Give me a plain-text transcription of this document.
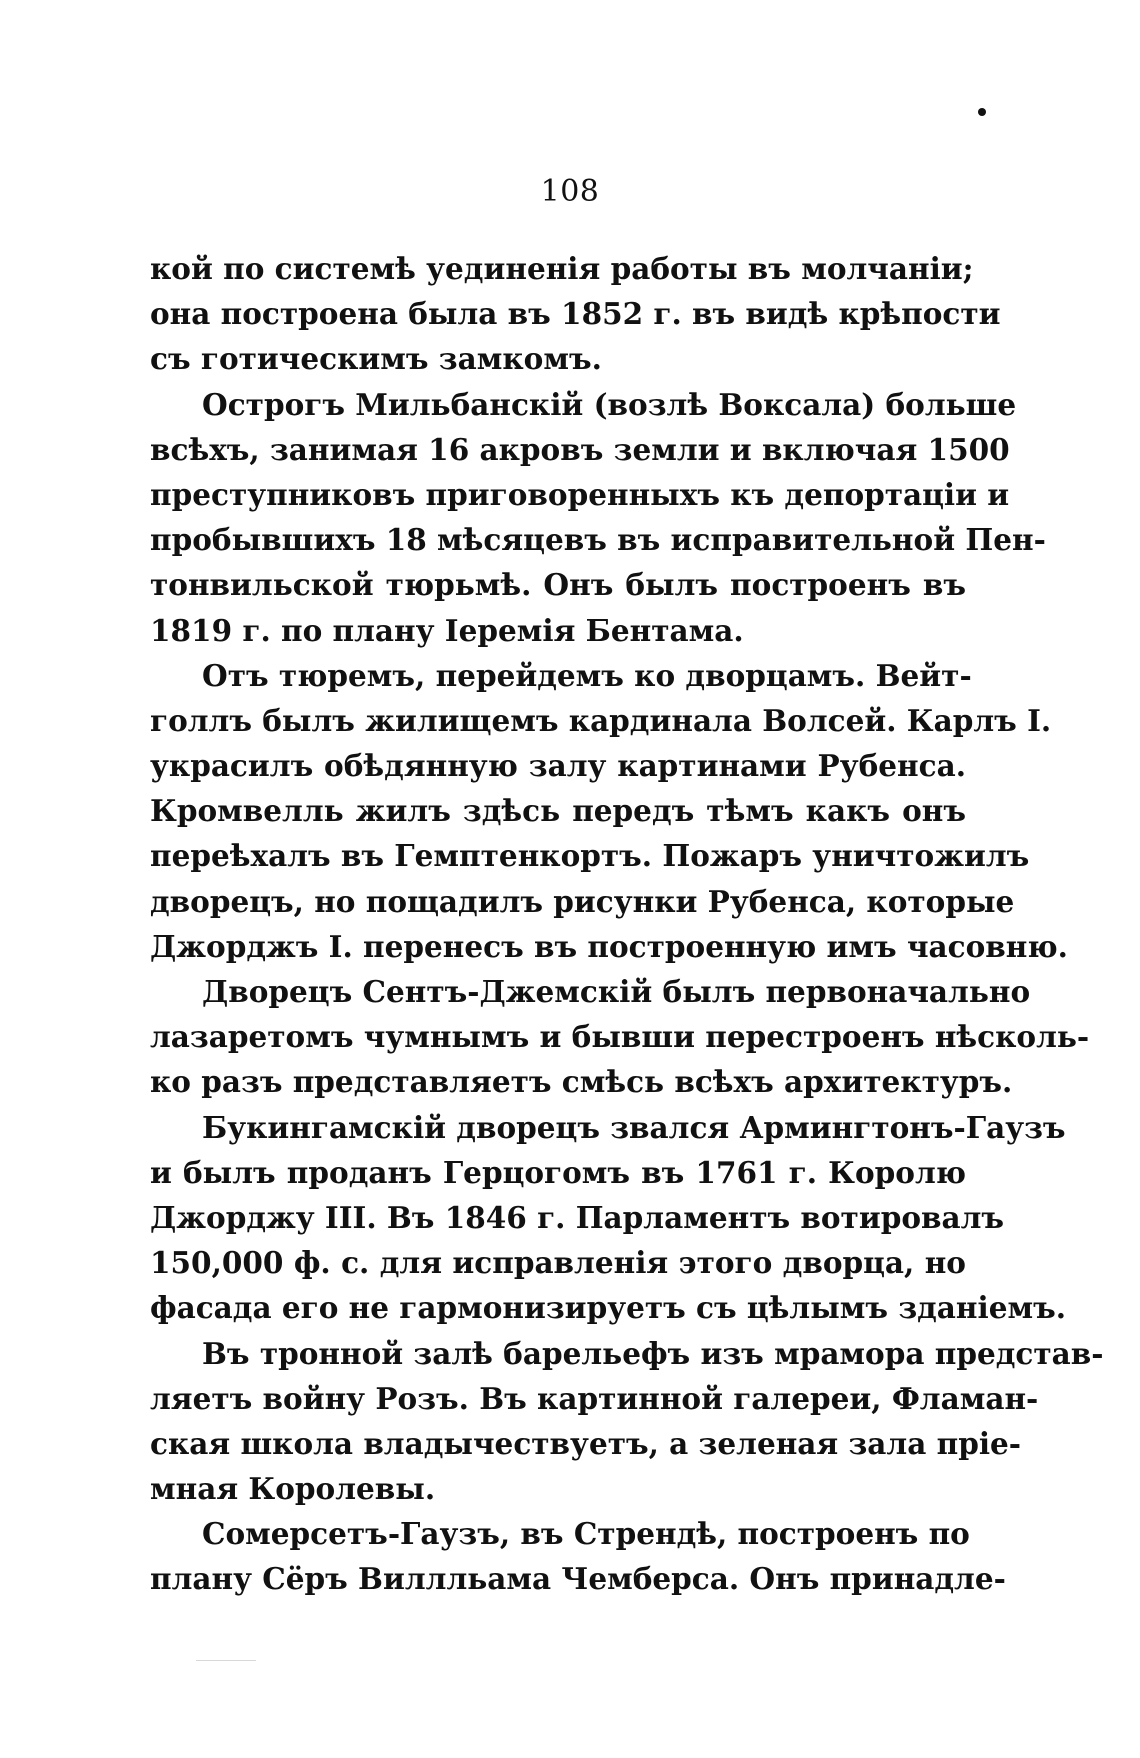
108
кой по системѣ уединенія работы въ молчаніи;
она построена была въ 1852 г. въ видѣ крѣпости
съ готическимъ замкомъ.
Острогъ Мильбанскій (возлѣ Воксала) больше
всѣхъ, занимая 16 акровъ земли и включая 1500
преступниковъ приговоренныхъ къ депортаціи и
пробывшихъ 18 мѣсяцевъ въ исправительной Пен-
тонвильской тюрьмѣ. Онъ былъ построенъ въ
1819 г. по плану Іеремія Бентама.
Отъ тюремъ, перейдемъ ко дворцамъ. Вейт-
голлъ былъ жилищемъ кардинала Волсей. Карлъ I.
украсилъ обѣдянную залу картинами Рубенса.
Кромвелль жилъ здѣсь передъ тѣмъ какъ онъ
переѣхалъ въ Гемптенкортъ. Пожаръ уничтожилъ
дворецъ, но пощадилъ рисунки Рубенса, которые
Джорджъ I. перенесъ въ построенную имъ часовню.
Дворецъ Сентъ-Джемскій былъ первоначально
лазаретомъ чумнымъ и бывши перестроенъ нѣсколь-
ко разъ представляетъ смѣсь всѣхъ архитектуръ.
Букингамскій дворецъ звался Армингтонъ-Гаузъ
и былъ проданъ Герцогомъ въ 1761 г. Королю
Джорджу III. Въ 1846 г. Парламентъ вотировалъ
150,000 ф. с. для исправленія этого дворца, но
фасада его не гармонизируетъ съ цѣлымъ зданіемъ.
Въ тронной залѣ барельефъ изъ мрамора представ-
ляетъ войну Розъ. Въ картинной галереи, Фламан-
ская школа владычествуетъ, а зеленая зала пріе-
мная Королевы.
Сомерсетъ-Гаузъ, въ Стрендѣ, построенъ по
плану Сёръ Виллльама Чемберса. Онъ принадле-
